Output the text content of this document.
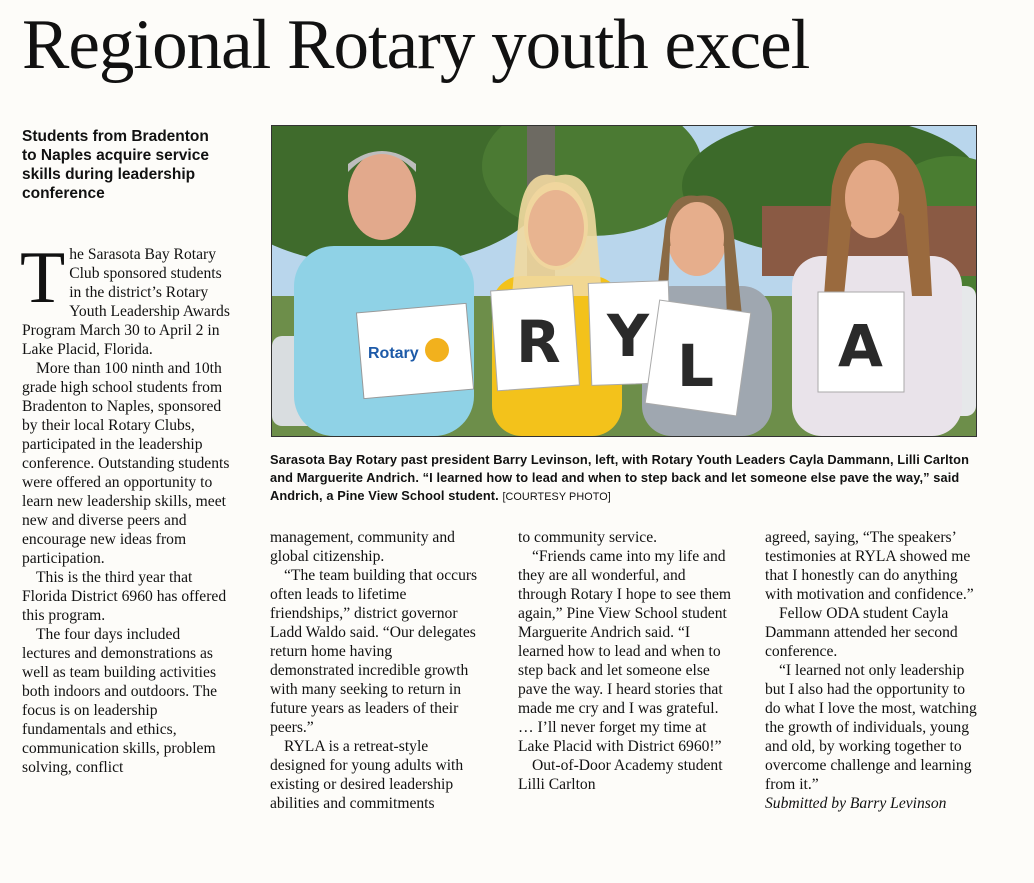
Regional Rotary youth excel
Students from Bradenton to Naples acquire service skills during leadership conference

The Sarasota Bay Rotary Club sponsored students in the district’s Rotary Youth Leadership Awards Program March 30 to April 2 in Lake Placid, Florida.

More than 100 ninth and 10th grade high school students from Bradenton to Naples, sponsored by their local Rotary Clubs, participated in the leadership conference. Outstanding students were offered an opportunity to learn new leadership skills, meet new and diverse peers and encourage new ideas from participation.

This is the third year that Florida District 6960 has offered this program.

The four days included lectures and demonstrations as well as team building activities both indoors and outdoors. The focus is on leadership fundamentals and ethics, communication skills, problem solving, conflict

Rotary R Y L A
Sarasota Bay Rotary past president Barry Levinson, left, with Rotary Youth Leaders Cayla Dammann, Lilli Carlton and Marguerite Andrich. “I learned how to lead and when to step back and let someone else pave the way,” said Andrich, a Pine View School student. [COURTESY PHOTO]

management, community and global citizenship.

“The team building that occurs often leads to lifetime friendships,” district governor Ladd Waldo said. “Our delegates return home having demonstrated incredible growth with many seeking to return in future years as leaders of their peers.”

RYLA is a retreat-style designed for young adults with existing or desired leadership abilities and commitments

to community service.

“Friends came into my life and they are all wonderful, and through Rotary I hope to see them again,” Pine View School student Marguerite Andrich said. “I learned how to lead and when to step back and let someone else pave the way. I heard stories that made me cry and I was grateful. … I’ll never forget my time at Lake Placid with District 6960!”

Out-of-Door Academy student Lilli Carlton

agreed, saying, “The speakers’ testimonies at RYLA showed me that I honestly can do anything with motivation and confidence.”

Fellow ODA student Cayla Dammann attended her second conference.

“I learned not only leadership but I also had the opportunity to do what I love the most, watching the growth of individuals, young and old, by working together to overcome challenge and learning from it.”

Submitted by Barry Levinson
